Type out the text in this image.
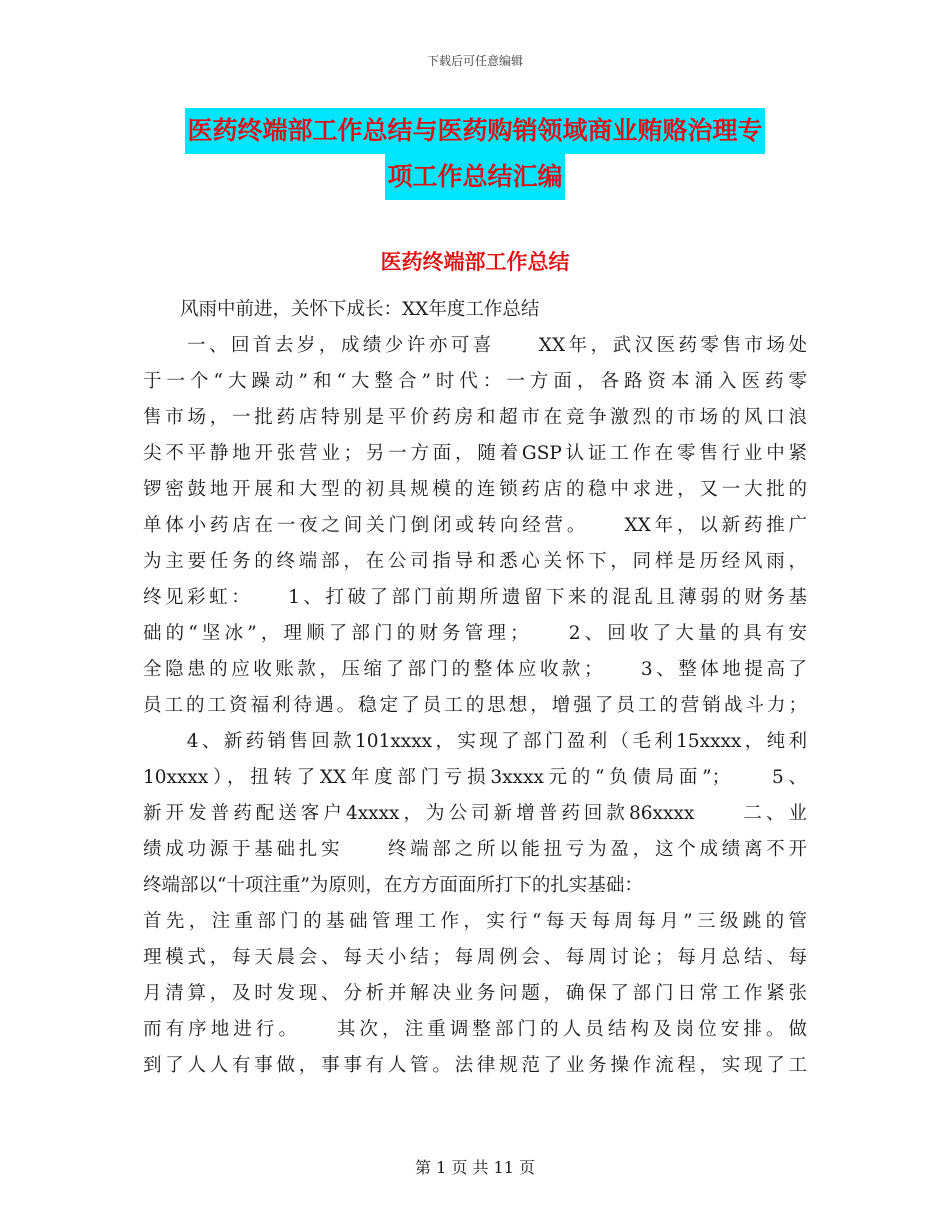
下载后可任意编辑
医药终端部工作总结与医药购销领域商业贿赂治理专
项工作总结汇编
医药终端部工作总结
　　风雨中前进，关怀下成长：XX年度工作总结
　　一、回首去岁，成绩少许亦可喜　　XX年，武汉医药零售市场处
于一个“大躁动”和“大整合”时代：一方面，各路资本涌入医药零
售市场，一批药店特别是平价药房和超市在竞争激烈的市场的风口浪
尖不平静地开张营业；另一方面，随着GSP认证工作在零售行业中紧
锣密鼓地开展和大型的初具规模的连锁药店的稳中求进，又一大批的
单体小药店在一夜之间关门倒闭或转向经营。　　XX年，以新药推广
为主要任务的终端部，在公司指导和悉心关怀下，同样是历经风雨，
终见彩虹：　　1、打破了部门前期所遗留下来的混乱且薄弱的财务基
础的“坚冰”，理顺了部门的财务管理；　　2、回收了大量的具有安
全隐患的应收账款，压缩了部门的整体应收款；　　3、整体地提高了
员工的工资福利待遇。稳定了员工的思想，增强了员工的营销战斗力；
　　4、新药销售回款101xxxx，实现了部门盈利（毛利15xxxx，纯利
10xxxx），扭转了XX年度部门亏损3xxxx元的“负债局面”；　　5、
新开发普药配送客户4xxxx，为公司新增普药回款86xxxx　　二、业
绩成功源于基础扎实　　终端部之所以能扭亏为盈，这个成绩离不开
终端部以“十项注重”为原则，在方方面面所打下的扎实基础：
首先，注重部门的基础管理工作，实行“每天每周每月”三级跳的管
理模式，每天晨会、每天小结；每周例会、每周讨论；每月总结、每
月清算，及时发现、分析并解决业务问题，确保了部门日常工作紧张
而有序地进行。　　其次，注重调整部门的人员结构及岗位安排。做
到了人人有事做，事事有人管。法律规范了业务操作流程，实现了工
第 1 页 共 11 页
